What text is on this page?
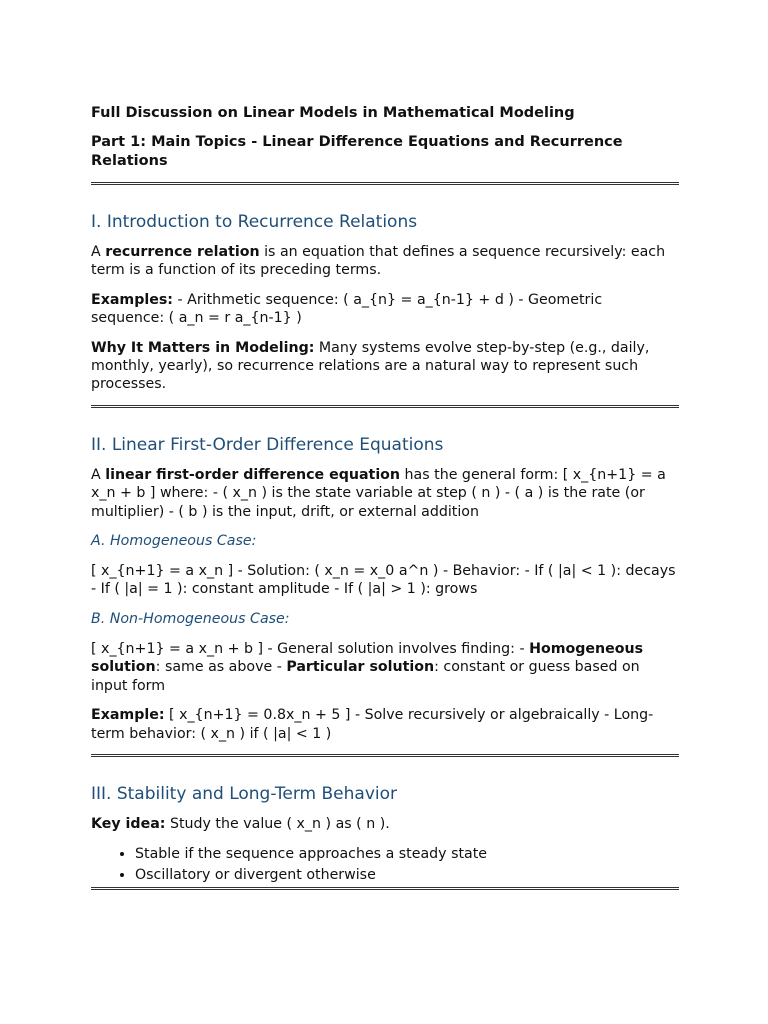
Full Discussion on Linear Models in Mathematical Modeling
Part 1: Main Topics - Linear Difference Equations and Recurrence Relations
I. Introduction to Recurrence Relations

A recurrence relation is an equation that defines a sequence recursively: each term is a function of its preceding terms.

Examples: - Arithmetic sequence: ( a_{n} = a_{n-1} + d ) - Geometric sequence: ( a_n = r a_{n-1} )

Why It Matters in Modeling: Many systems evolve step-by-step (e.g., daily, monthly, yearly), so recurrence relations are a natural way to represent such processes.

II. Linear First-Order Difference Equations

A linear first-order difference equation has the general form: [ x_{n+1} = a x_n + b ] where: - ( x_n ) is the state variable at step ( n ) - ( a ) is the rate (or multiplier) - ( b ) is the input, drift, or external addition

A. Homogeneous Case:

[ x_{n+1} = a x_n ] - Solution: ( x_n = x_0 a^n ) - Behavior: - If ( |a| < 1 ): decays - If ( |a| = 1 ): constant amplitude - If ( |a| > 1 ): grows

B. Non-Homogeneous Case:

[ x_{n+1} = a x_n + b ] - General solution involves finding: - Homogeneous solution: same as above - Particular solution: constant or guess based on input form

Example: [ x_{n+1} = 0.8x_n + 5 ] - Solve recursively or algebraically - Long-term behavior: ( x_n ) if ( |a| < 1 )

III. Stability and Long-Term Behavior

Key idea: Study the value ( x_n ) as ( n ).

• Stable if the sequence approaches a steady state
• Oscillatory or divergent otherwise
